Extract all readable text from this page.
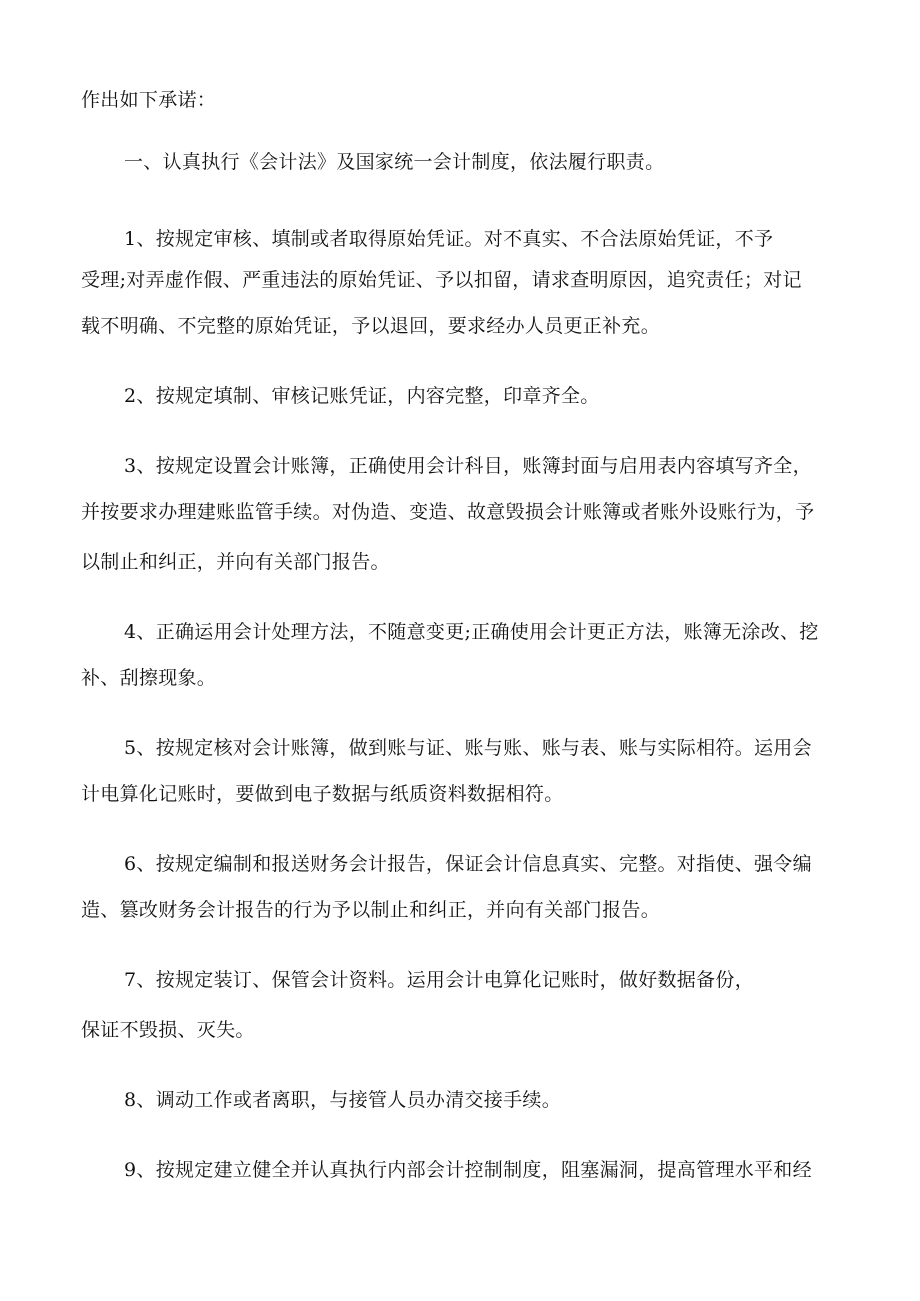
作出如下承诺：
一、认真执行《会计法》及国家统一会计制度，依法履行职责。
1、按规定审核、填制或者取得原始凭证。对不真实、不合法原始凭证，不予
受理;对弄虚作假、严重违法的原始凭证、予以扣留，请求查明原因，追究责任；对记
载不明确、不完整的原始凭证，予以退回，要求经办人员更正补充。
2、按规定填制、审核记账凭证，内容完整，印章齐全。
3、按规定设置会计账簿，正确使用会计科目，账簿封面与启用表内容填写齐全，
并按要求办理建账监管手续。对伪造、变造、故意毁损会计账簿或者账外设账行为，予
以制止和纠正，并向有关部门报告。
4、正确运用会计处理方法，不随意变更;正确使用会计更正方法，账簿无涂改、挖
补、刮擦现象。
5、按规定核对会计账簿，做到账与证、账与账、账与表、账与实际相符。运用会
计电算化记账时，要做到电子数据与纸质资料数据相符。
6、按规定编制和报送财务会计报告，保证会计信息真实、完整。对指使、强令编
造、篡改财务会计报告的行为予以制止和纠正，并向有关部门报告。
7、按规定装订、保管会计资料。运用会计电算化记账时，做好数据备份，
保证不毁损、灭失。
8、调动工作或者离职，与接管人员办清交接手续。
9、按规定建立健全并认真执行内部会计控制制度，阻塞漏洞，提高管理水平和经
